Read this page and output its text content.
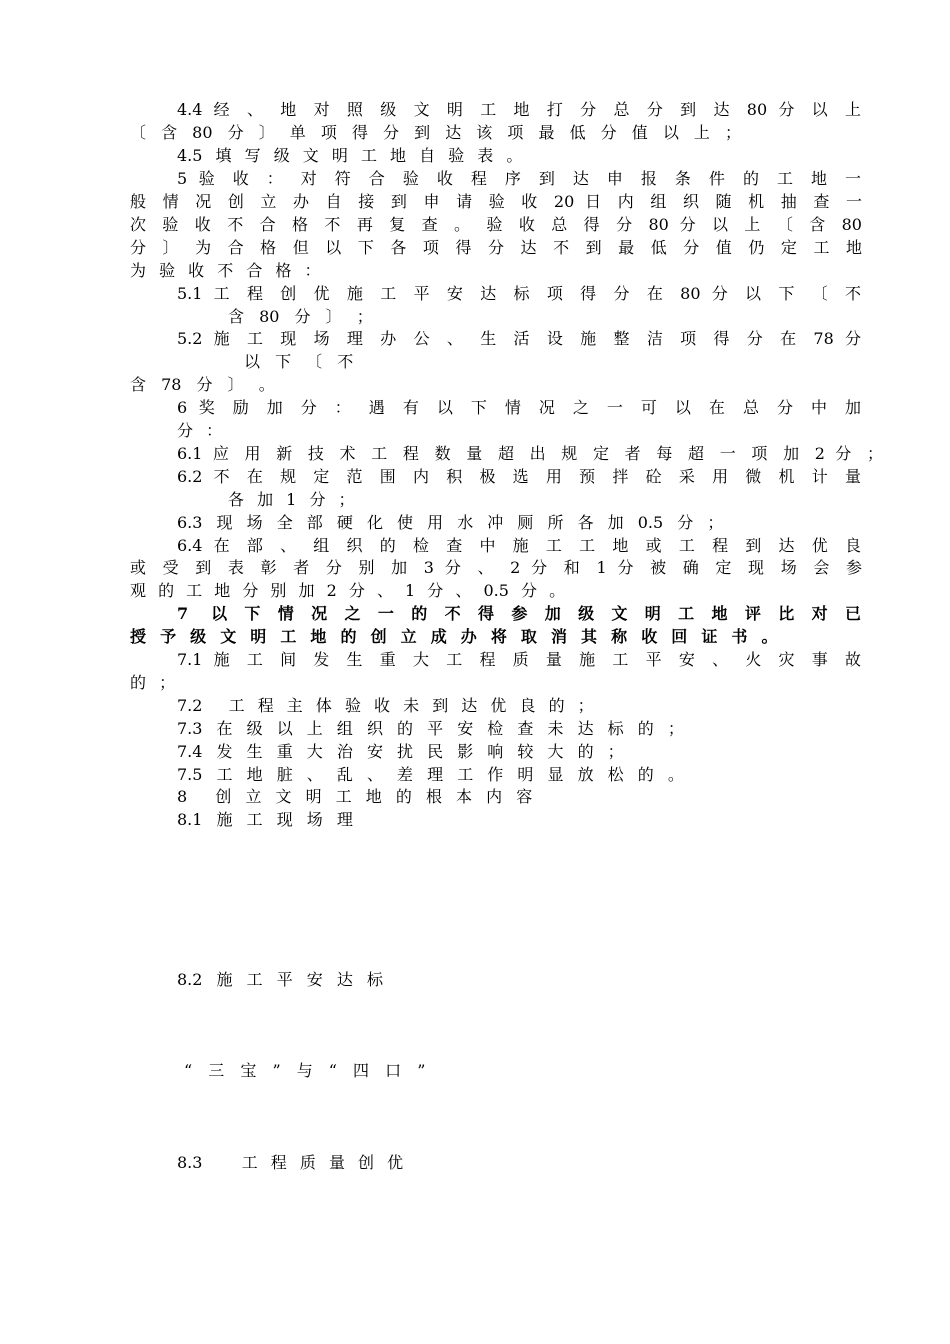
4.4 经 、 地 对 照 级 文 明 工 地 打 分 总 分 到 达 80 分 以 上
〔 含 80 分 〕 单 项 得 分 到 达 该 项 最 低 分 值 以 上 ；
4.5 填 写 级 文 明 工 地 自 验 表 。
5 验 收 ： 对 符 合 验 收 程 序 到 达 申 报 条 件 的 工 地 一
般 情 况 创 立 办 自 接 到 申 请 验 收 20 日 内 组 织 随 机 抽 查 一
次 验 收 不 合 格 不 再 复 查 。 验 收 总 得 分 80 分 以 上 〔 含 80
分 〕 为 合 格 但 以 下 各 项 得 分 达 不 到 最 低 分 值 仍 定 工 地
为 验 收 不 合 格 ：
5.1 工 程 创 优 施 工 平 安 达 标 项 得 分 在 80 分 以 下 〔 不
含 80 分 〕 ；
5.2 施 工 现 场 理 办 公 、 生 活 设 施 整 洁 项 得 分 在 78 分
以 下 〔 不
含 78 分 〕 。
6 奖 励 加 分 ： 遇 有 以 下 情 况 之 一 可 以 在 总 分 中 加
分 ：
6.1 应 用 新 技 术 工 程 数 量 超 出 规 定 者 每 超 一 项 加 2 分 ；
6.2 不 在 规 定 范 围 内 积 极 选 用 预 拌 砼 采 用 微 机 计 量
各 加 1 分 ；
6.3 现 场 全 部 硬 化 使 用 水 冲 厕 所 各 加 0.5 分 ；
6.4 在 部 、 组 织 的 检 查 中 施 工 工 地 或 工 程 到 达 优 良
或 受 到 表 彰 者 分 别 加 3 分 、 2 分 和 1 分 被 确 定 现 场 会 参
观 的 工 地 分 别 加 2 分 、 1 分 、 0.5 分 。
7  以 下 情 况 之 一 的 不 得 参 加 级 文 明 工 地 评 比 对 已
授 予 级 文 明 工 地 的 创 立 成 办 将 取 消 其 称 收 回 证 书 。
7.1 施 工 间 发 生 重 大 工 程 质 量 施 工 平 安 、 火 灾 事 故
的 ；
7.2  工 程 主 体 验 收 未 到 达 优 良 的 ；
7.3 在 级 以 上 组 织 的 平 安 检 查 未 达 标 的 ；
7.4 发 生 重 大 治 安 扰 民 影 响 较 大 的 ；
7.5 工 地 脏 、 乱 、 差 理 工 作 明 显 放 松 的 。
8  创 立 文 明 工 地 的 根 本 内 容
8.1 施 工 现 场 理
8.2 施 工 平 安 达 标
“ 三 宝 ” 与 “ 四 口 ”
8.3   工 程 质 量 创 优
